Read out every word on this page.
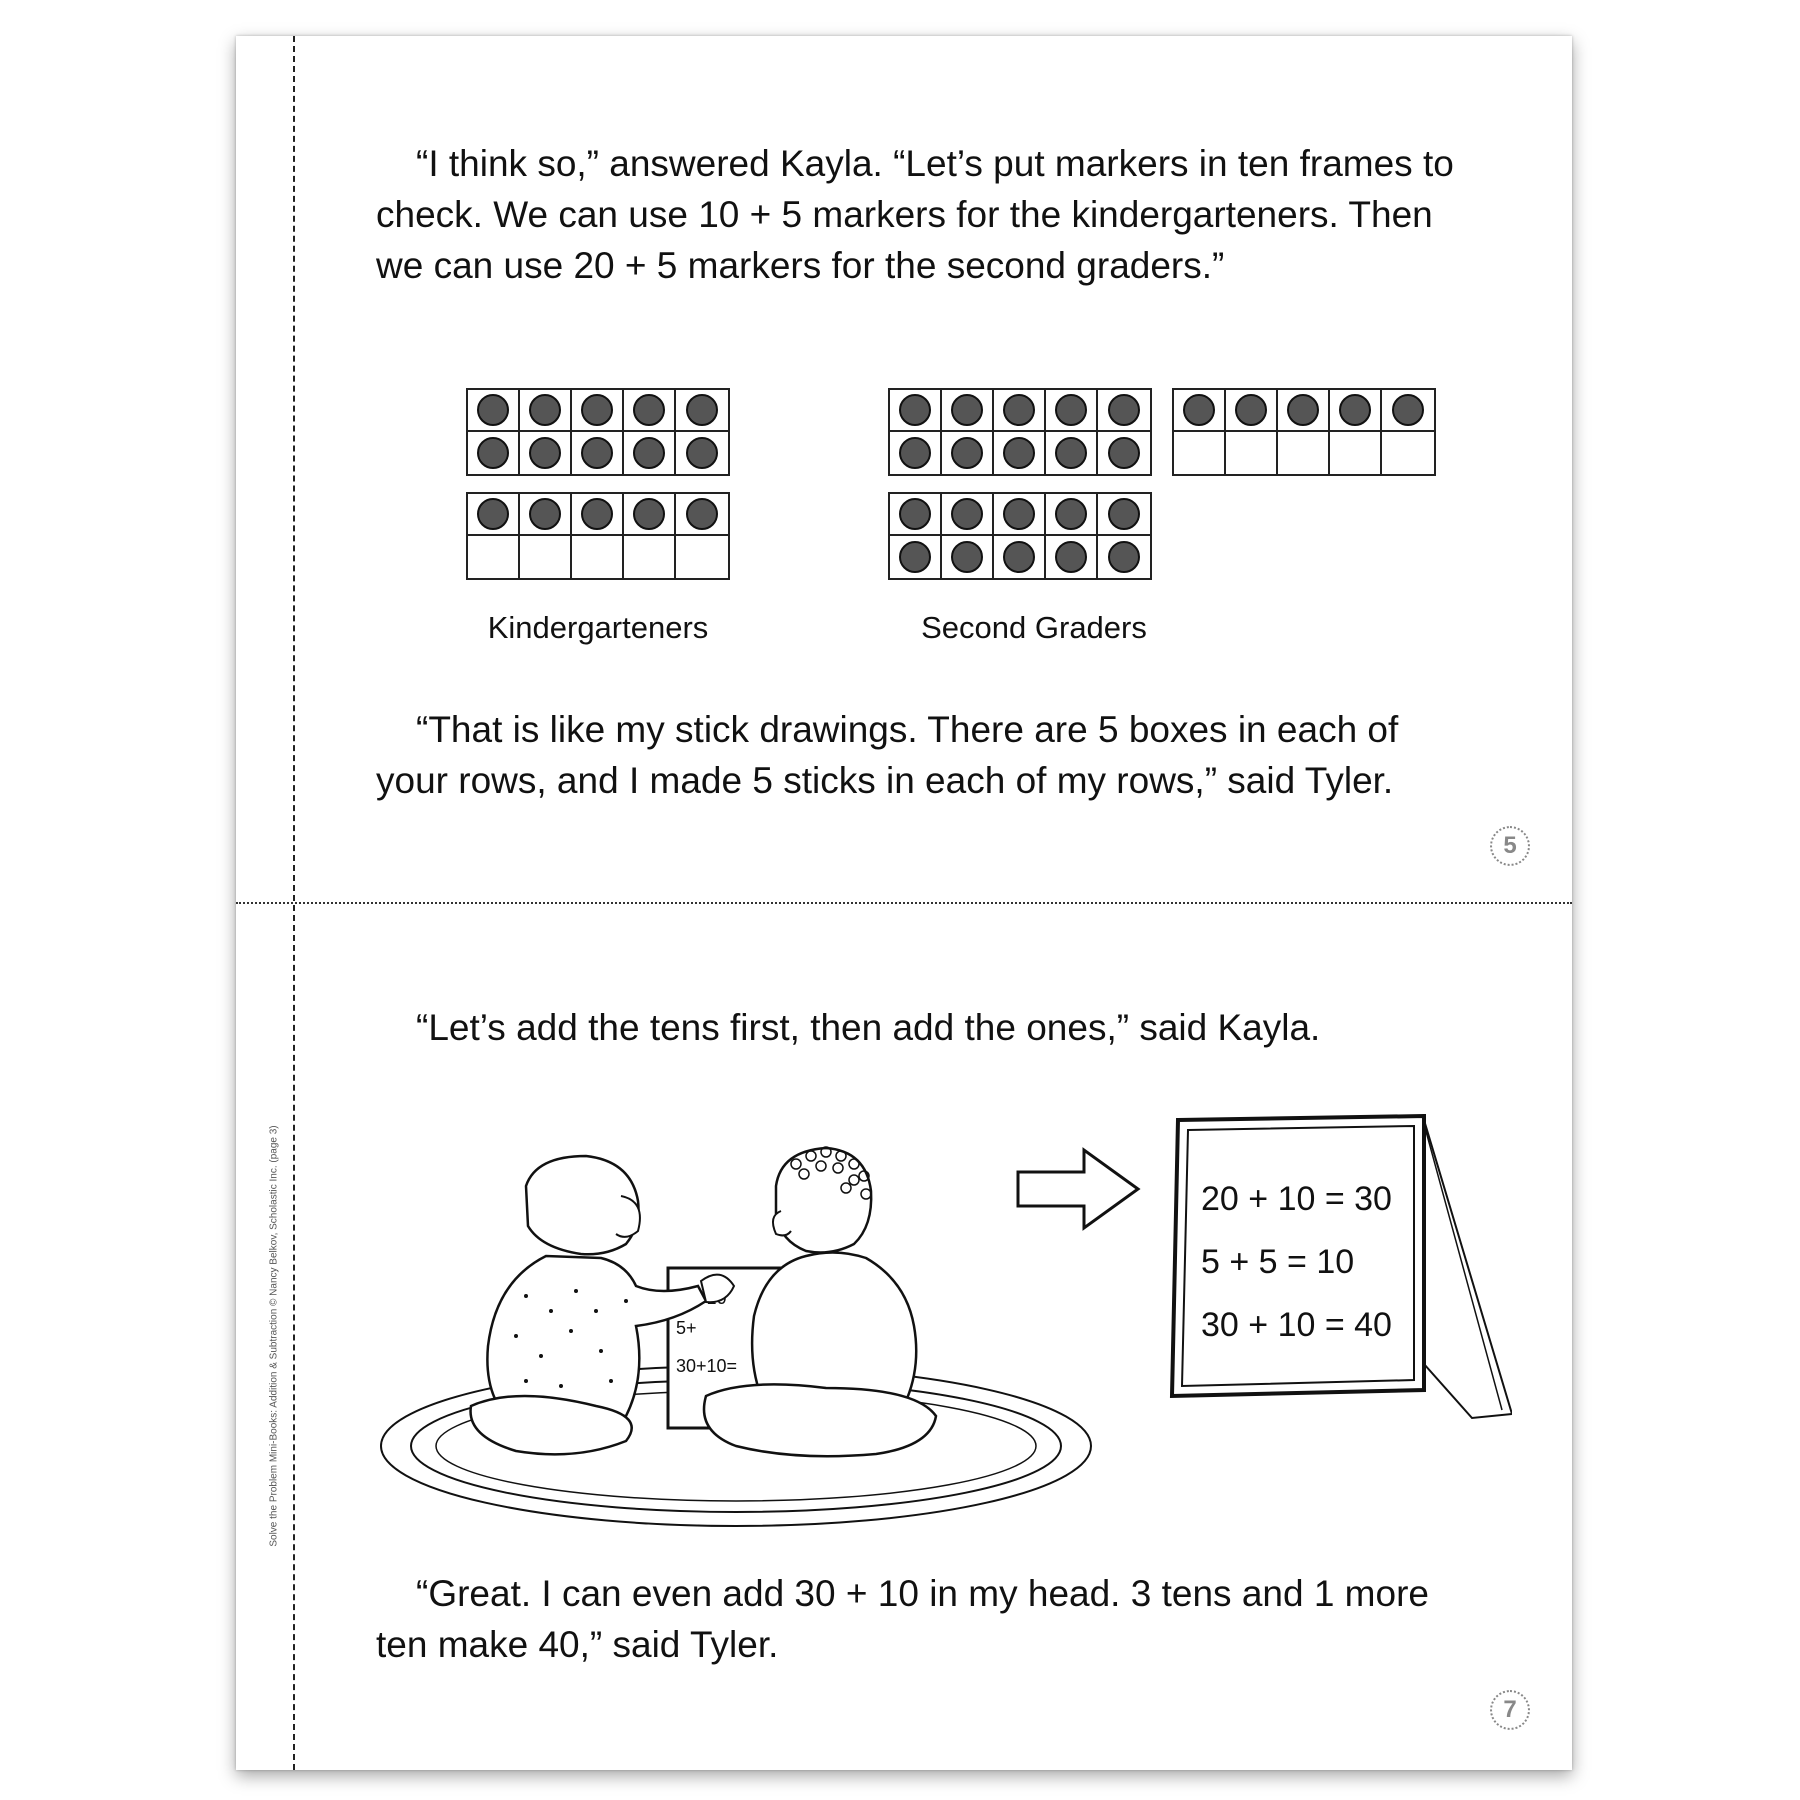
Solve the Problem Mini-Books: Addition & Subtraction © Nancy Belkov, Scholastic Inc. (page 3)

“I think so,” answered Kayla. “Let’s put markers in ten frames to check. We can use 10 + 5 markers for the kindergarteners. Then we can use 20 + 5 markers for the second graders.”

Kindergarteners	Second Graders

“That is like my stick drawings. There are 5 boxes in each of your rows, and I made 5 sticks in each of my rows,” said Tyler.

5

“Let’s add the tens first, then add the ones,” said Kayla.

5+
30+10=
20 + 10 = 30
5 + 5 = 10
30 + 10 = 40

“Great. I can even add 30 + 10 in my head. 3 tens and 1 more ten make 40,” said Tyler.

7
